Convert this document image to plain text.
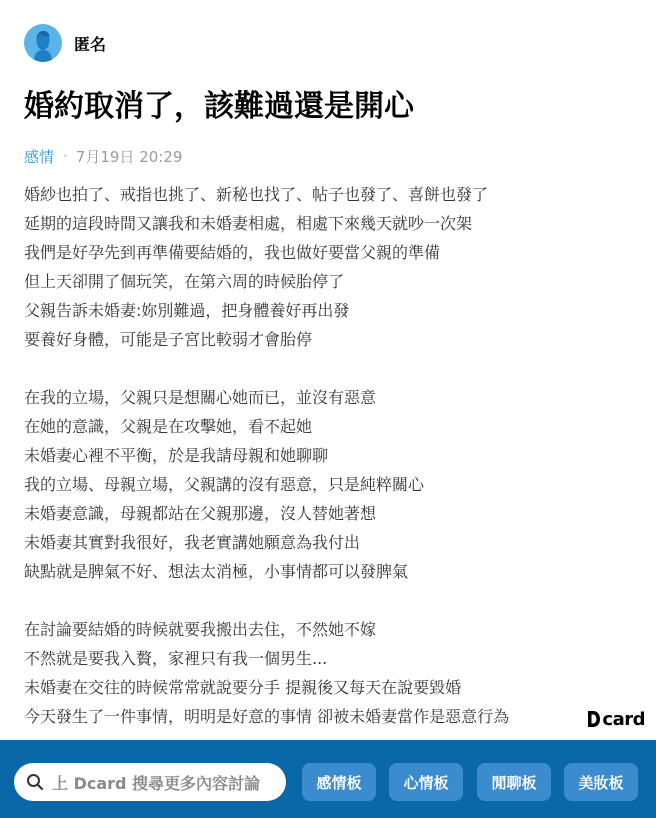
匿名
婚約取消了，該難過還是開心
感情 · 7月19日 20:29
婚紗也拍了、戒指也挑了、新秘也找了、帖子也發了、喜餅也發了
延期的這段時間又讓我和未婚妻相處，相處下來幾天就吵一次架
我們是好孕先到再準備要結婚的，我也做好要當父親的準備
但上天卻開了個玩笑，在第六周的時候胎停了
父親告訴未婚妻:妳別難過，把身體養好再出發
要養好身體，可能是子宮比較弱才會胎停
在我的立場，父親只是想關心她而已，並沒有惡意
在她的意識，父親是在攻擊她，看不起她
未婚妻心裡不平衡，於是我請母親和她聊聊
我的立場、母親立場，父親講的沒有惡意，只是純粹關心
未婚妻意識，母親都站在父親那邊，沒人替她著想
未婚妻其實對我很好，我老實講她願意為我付出
缺點就是脾氣不好、想法太消極，小事情都可以發脾氣
在討論要結婚的時候就要我搬出去住，不然她不嫁
不然就是要我入贅，家裡只有我一個男生...
未婚妻在交往的時候常常就說要分手 提親後又每天在說要毀婚
今天發生了一件事情，明明是好意的事情 卻被未婚妻當作是惡意行為	card
上 Dcard 搜尋更多內容討論	感情板	心情板	閒聊板	美妝板
